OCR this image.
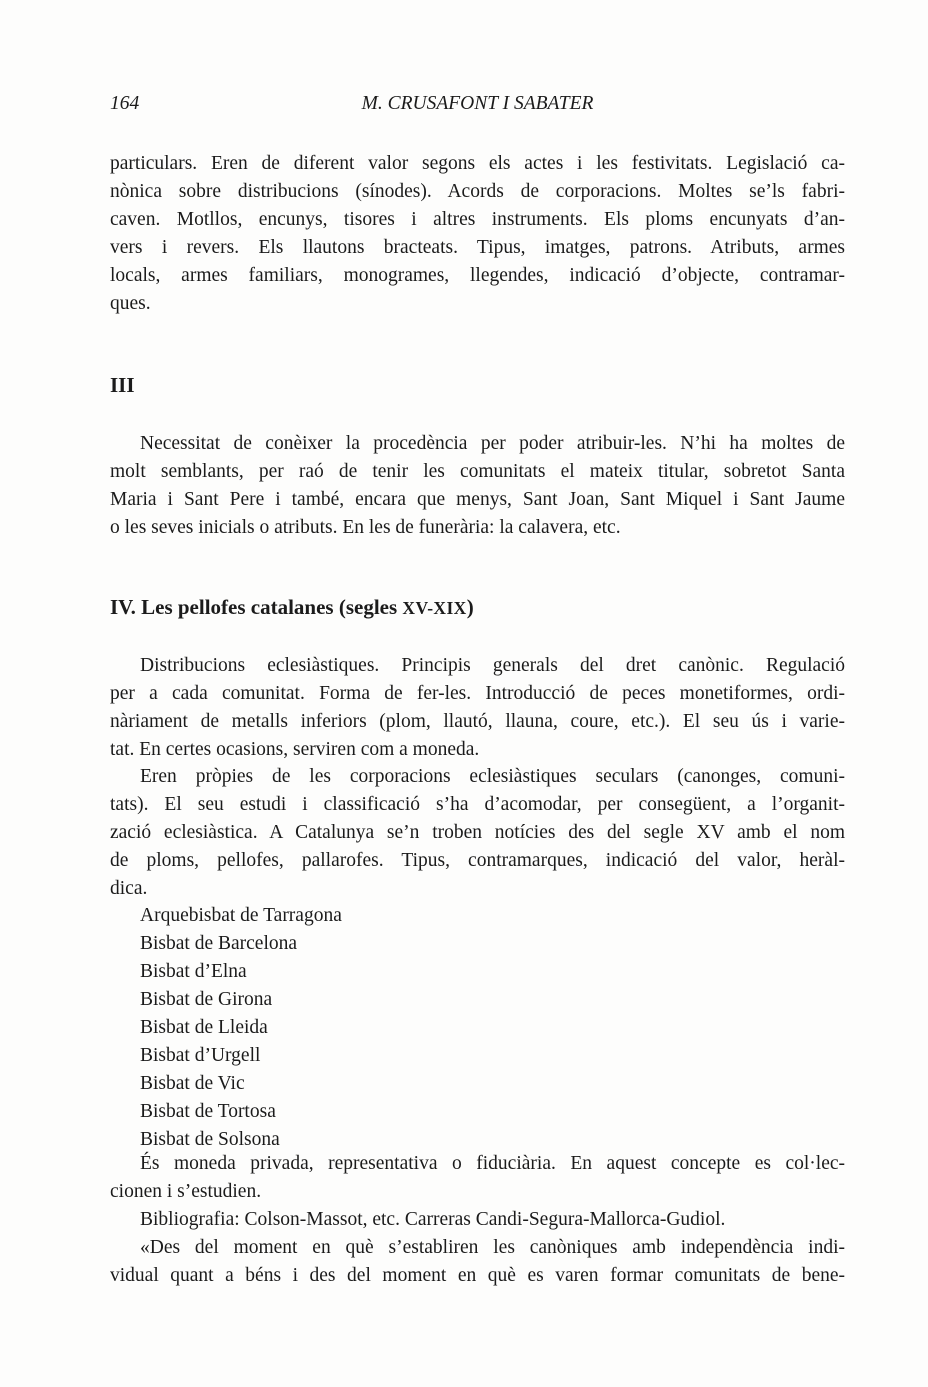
164	M. CRUSAFONT I SABATER
particulars. Eren de diferent valor segons els actes i les festivitats. Legislació ca-
nònica sobre distribucions (sínodes). Acords de corporacions. Moltes se’ls fabri-
caven. Motllos, encunys, tisores i altres instruments. Els ploms encunyats d’an-
vers i revers. Els llautons bracteats. Tipus, imatges, patrons. Atributs, armes
locals, armes familiars, monogrames, llegendes, indicació d’objecte, contramar-
ques.
III
Necessitat de conèixer la procedència per poder atribuir-les. N’hi ha moltes de
molt semblants, per raó de tenir les comunitats el mateix titular, sobretot Santa
Maria i Sant Pere i també, encara que menys, Sant Joan, Sant Miquel i Sant Jaume
o les seves inicials o atributs. En les de funerària: la calavera, etc.
IV. Les pellofes catalanes (segles XV-XIX)
Distribucions eclesiàstiques. Principis generals del dret canònic. Regulació
per a cada comunitat. Forma de fer-les. Introducció de peces monetiformes, ordi-
nàriament de metalls inferiors (plom, llautó, llauna, coure, etc.). El seu ús i varie-
tat. En certes ocasions, serviren com a moneda.
Eren pròpies de les corporacions eclesiàstiques seculars (canonges, comuni-
tats). El seu estudi i classificació s’ha d’acomodar, per consegüent, a l’organit-
zació eclesiàstica. A Catalunya se’n troben notícies des del segle XV amb el nom
de ploms, pellofes, pallarofes. Tipus, contramarques, indicació del valor, heràl-
dica.
Arquebisbat de Tarragona
Bisbat de Barcelona
Bisbat d’Elna
Bisbat de Girona
Bisbat de Lleida
Bisbat d’Urgell
Bisbat de Vic
Bisbat de Tortosa
Bisbat de Solsona
És moneda privada, representativa o fiduciària. En aquest concepte es col·lec-
cionen i s’estudien.
Bibliografia: Colson-Massot, etc. Carreras Candi-Segura-Mallorca-Gudiol.
«Des del moment en què s’establiren les canòniques amb independència indi-
vidual quant a béns i des del moment en què es varen formar comunitats de bene-
